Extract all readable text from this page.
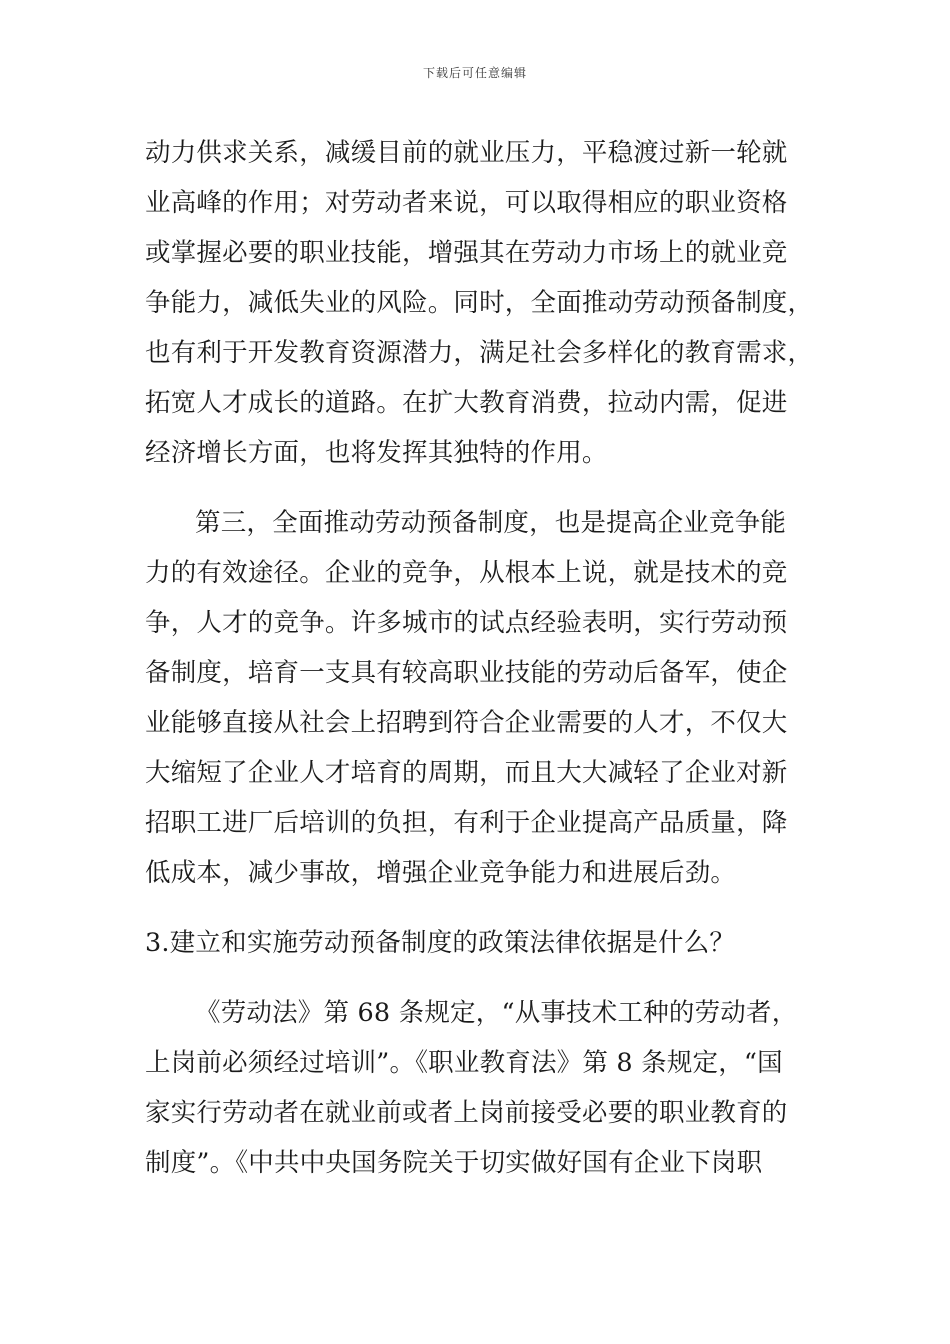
下载后可任意编辑
动力供求关系，减缓目前的就业压力，平稳渡过新一轮就
业高峰的作用；对劳动者来说，可以取得相应的职业资格
或掌握必要的职业技能，增强其在劳动力市场上的就业竞
争能力，减低失业的风险。同时，全面推动劳动预备制度，
也有利于开发教育资源潜力，满足社会多样化的教育需求，
拓宽人才成长的道路。在扩大教育消费，拉动内需，促进
经济增长方面，也将发挥其独特的作用。
第三，全面推动劳动预备制度，也是提高企业竞争能
力的有效途径。企业的竞争，从根本上说，就是技术的竞
争，人才的竞争。许多城市的试点经验表明，实行劳动预
备制度，培育一支具有较高职业技能的劳动后备军，使企
业能够直接从社会上招聘到符合企业需要的人才，不仅大
大缩短了企业人才培育的周期，而且大大减轻了企业对新
招职工进厂后培训的负担，有利于企业提高产品质量，降
低成本，减少事故，增强企业竞争能力和进展后劲。
3.建立和实施劳动预备制度的政策法律依据是什么？
《劳动法》第 68 条规定，“从事技术工种的劳动者，
上岗前必须经过培训”。《职业教育法》第 8 条规定，“国
家实行劳动者在就业前或者上岗前接受必要的职业教育的
制度”。《中共中央国务院关于切实做好国有企业下岗职
